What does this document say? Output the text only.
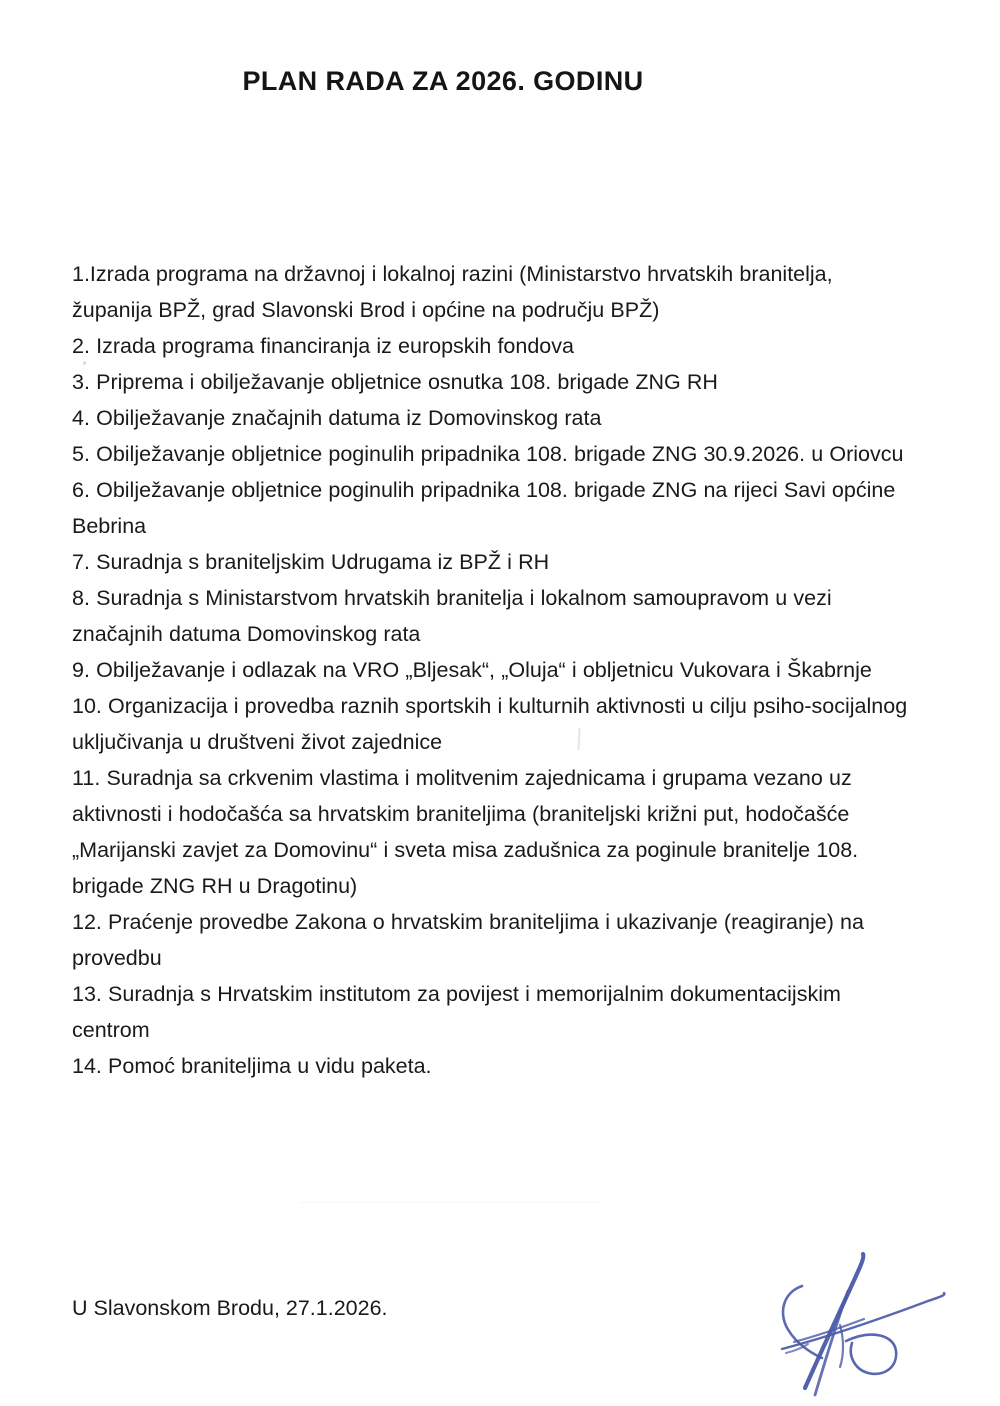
PLAN RADA ZA 2026. GODINU

1.Izrada programa na državnoj i lokalnoj razini (Ministarstvo hrvatskih branitelja, županija BPŽ, grad Slavonski Brod i općine na području BPŽ)

2. Izrada programa financiranja iz europskih fondova

3. Priprema i obilježavanje obljetnice osnutka 108. brigade ZNG RH

4. Obilježavanje značajnih datuma iz Domovinskog rata

5. Obilježavanje obljetnice poginulih pripadnika 108. brigade ZNG 30.9.2026. u Oriovcu

6. Obilježavanje obljetnice poginulih pripadnika 108. brigade ZNG na rijeci Savi općine Bebrina

7. Suradnja s braniteljskim Udrugama iz BPŽ i RH

8. Suradnja s Ministarstvom hrvatskih branitelja i lokalnom samoupravom u vezi značajnih datuma Domovinskog rata

9. Obilježavanje i odlazak na VRO „Bljesak“, „Oluja“ i obljetnicu Vukovara i Škabrnje

10. Organizacija i provedba raznih sportskih i kulturnih aktivnosti u cilju psiho-socijalnog uključivanja u društveni život zajednice

11. Suradnja sa crkvenim vlastima i molitvenim zajednicama i grupama vezano uz aktivnosti i hodočašća sa hrvatskim braniteljima (braniteljski križni put, hodočašće „Marijanski zavjet za Domovinu“ i sveta misa zadušnica za poginule branitelje 108. brigade ZNG RH u Dragotinu)

12. Praćenje provedbe Zakona o hrvatskim braniteljima i ukazivanje (reagiranje) na provedbu

13. Suradnja s Hrvatskim institutom za povijest i memorijalnim dokumentacijskim centrom

14. Pomoć braniteljima u vidu paketa.

U Slavonskom Brodu, 27.1.2026.
